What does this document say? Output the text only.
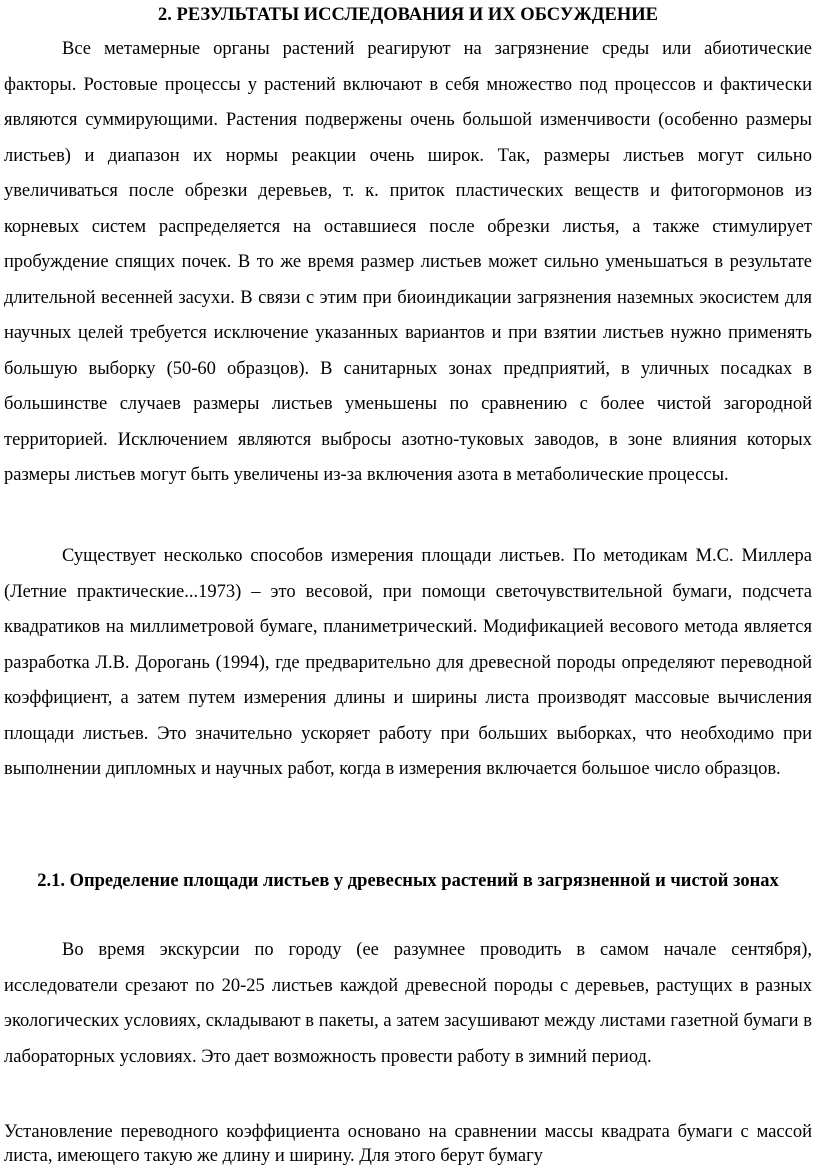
2. РЕЗУЛЬТАТЫ ИССЛЕДОВАНИЯ И ИХ ОБСУЖДЕНИЕ

Все метамерные органы растений реагируют на загрязнение среды или абиотические факторы. Ростовые процессы у растений включают в себя множество под процессов и фактически являются суммирующими. Растения подвержены очень большой изменчивости (особенно размеры листьев) и диапазон их нормы реакции очень широк. Так, размеры листьев могут сильно увеличиваться после обрезки деревьев, т. к. приток пластических веществ и фитогормонов из корневых систем распределяется на оставшиеся после обрезки листья, а также стимулирует пробуждение спящих почек. В то же время размер листьев может сильно уменьшаться в результате длительной весенней засухи. В связи с этим при биоиндикации загрязнения наземных экосистем для научных целей требуется исключение указанных вариантов и при взятии листьев нужно применять большую выборку (50-60 образцов). В санитарных зонах предприятий, в уличных посадках в большинстве случаев размеры листьев уменьшены по сравнению с более чистой загородной территорией. Исключением являются выбросы азотно-туковых заводов, в зоне влияния которых размеры листьев могут быть увеличены из-за включения азота в метаболические процессы.

Существует несколько способов измерения площади листьев. По методикам М.С. Миллера (Летние практические...1973) – это весовой, при помощи светочувствительной бумаги, подсчета квадратиков на миллиметровой бумаге, планиметрический. Модификацией весового метода является разработка Л.В. Дорогань (1994), где предварительно для древесной породы определяют переводной коэффициент, а затем путем измерения длины и ширины листа производят массовые вычисления площади листьев. Это значительно ускоряет работу при больших выборках, что необходимо при выполнении дипломных и научных работ, когда в измерения включается большое число образцов.

2.1. Определение площади листьев у древесных растений в загрязненной и чистой зонах

Во время экскурсии по городу (ее разумнее проводить в самом начале сентября), исследователи срезают по 20-25 листьев каждой древесной породы с деревьев, растущих в разных экологических условиях, складывают в пакеты, а затем засушивают между листами газетной бумаги в лабораторных условиях. Это дает возможность провести работу в зимний период.

Установление переводного коэффициента основано на сравнении массы квадрата бумаги с массой листа, имеющего такую же длину и ширину. Для этого берут бумагу
